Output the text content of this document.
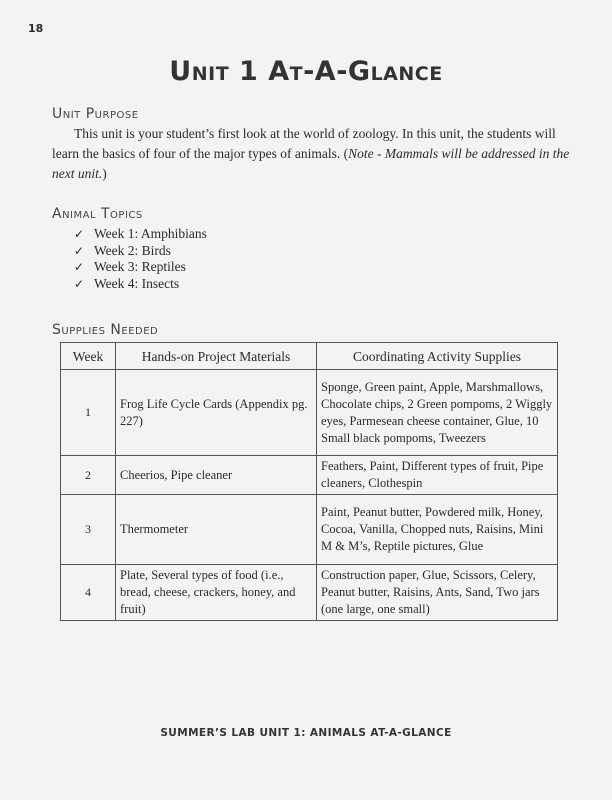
18
Unit 1 At-A-Glance
Unit Purpose

This unit is your student’s first look at the world of zoology. In this unit, the students will learn the basics of four of the major types of animals. (Note - Mammals will be addressed in the next unit.)

Animal Topics
✓ Week 1: Amphibians
✓ Week 2: Birds
✓ Week 3: Reptiles
✓ Week 4: Insects
Supplies Needed
Week	Hands-on Project Materials	Coordinating Activity Supplies
1	Frog Life Cycle Cards (Appendix pg. 227)	Sponge, Green paint, Apple, Marshmallows, Chocolate chips, 2 Green pompoms, 2 Wiggly eyes, Parmesean cheese container, Glue, 10 Small black pompoms, Tweezers
2	Cheerios, Pipe cleaner	Feathers, Paint, Different types of fruit, Pipe cleaners, Clothespin
3	Thermometer	Paint, Peanut butter, Powdered milk, Honey, Cocoa, Vanilla, Chopped nuts, Raisins, Mini M & M’s, Reptile pictures, Glue
4	Plate, Several types of food (i.e., bread, cheese, crackers, honey, and fruit)	Construction paper, Glue, Scissors, Celery, Peanut butter, Raisins, Ants, Sand, Two jars (one large, one small)
SUMMER’S LAB UNIT 1: ANIMALS AT-A-GLANCE
